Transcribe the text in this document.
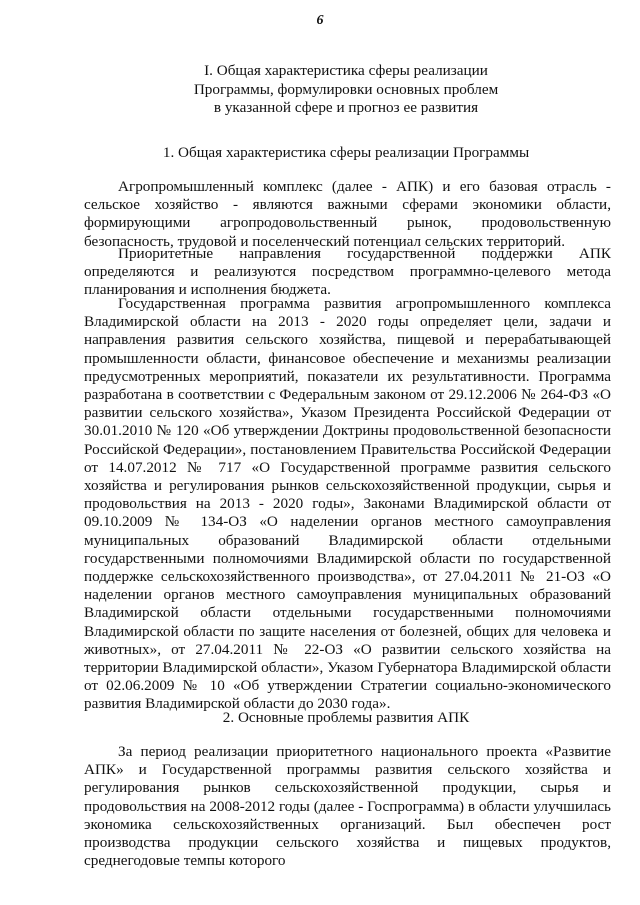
6
I. Общая характеристика сферы реализации
Программы, формулировки основных проблем
в указанной сфере и прогноз ее развития
1. Общая характеристика сферы реализации Программы

Агропромышленный комплекс (далее - АПК) и его базовая отрасль - сельское хозяйство - являются важными сферами экономики области, формирующими агропродовольственный рынок, продовольственную безопасность, трудовой и поселенческий потенциал сельских территорий.

Приоритетные направления государственной поддержки АПК определяются и реализуются посредством программно-целевого метода планирования и исполнения бюджета.

Государственная программа развития агропромышленного комплекса Владимирской области на 2013 - 2020 годы определяет цели, задачи и направления развития сельского хозяйства, пищевой и перерабатывающей промышленности области, финансовое обеспечение и механизмы реализации предусмотренных мероприятий, показатели их результативности. Программа разработана в соответствии с Федеральным законом от 29.12.2006 № 264-ФЗ «О развитии сельского хозяйства», Указом Президента Российской Федерации от 30.01.2010 № 120 «Об утверждении Доктрины продовольственной безопасности Российской Федерации», постановлением Правительства Российской Федерации от 14.07.2012 № 717 «О Государственной программе развития сельского хозяйства и регулирования рынков сельскохозяйственной продукции, сырья и продовольствия на 2013 - 2020 годы», Законами Владимирской области от 09.10.2009 № 134-ОЗ «О наделении органов местного самоуправления муниципальных образований Владимирской области отдельными государственными полномочиями Владимирской области по государственной поддержке сельскохозяйственного производства», от 27.04.2011 № 21-ОЗ «О наделении органов местного самоуправления муниципальных образований Владимирской области отдельными государственными полномочиями Владимирской области по защите населения от болезней, общих для человека и животных», от 27.04.2011 № 22-ОЗ «О развитии сельского хозяйства на территории Владимирской области», Указом Губернатора Владимирской области от 02.06.2009 № 10 «Об утверждении Стратегии социально-экономического развития Владимирской области до 2030 года».

2. Основные проблемы развития АПК

За период реализации приоритетного национального проекта «Развитие АПК» и Государственной программы развития сельского хозяйства и регулирования рынков сельскохозяйственной продукции, сырья и продовольствия на 2008-2012 годы (далее - Госпрограмма) в области улучшилась экономика сельскохозяйственных организаций. Был обеспечен рост производства продукции сельского хозяйства и пищевых продуктов, среднегодовые темпы которого
